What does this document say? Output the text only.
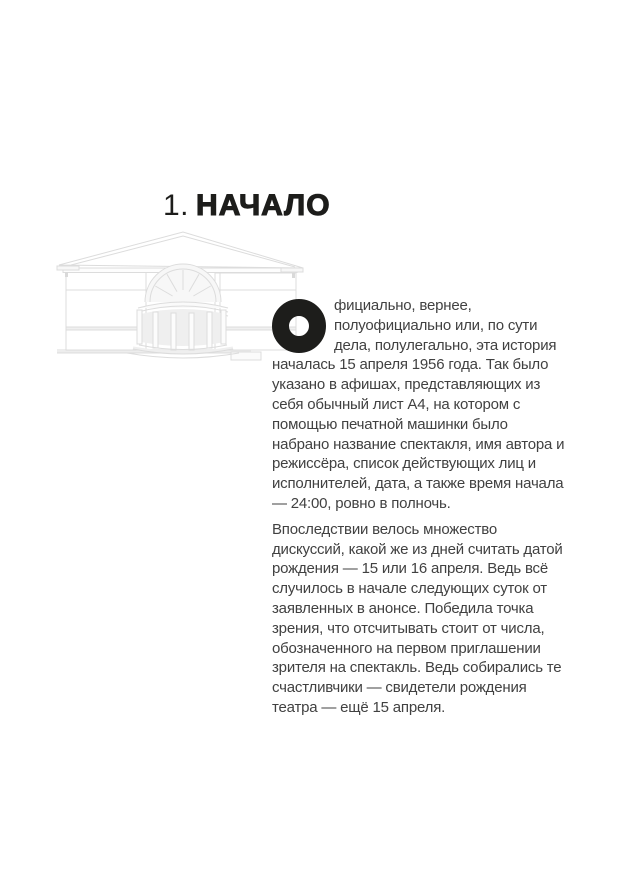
1. НАЧАЛО

фициально, вернее, полуофициально или, по сути дела, полулегально, эта история началась 15 апреля 1956 года. Так было указано в афишах, представляющих из себя обычный лист А4, на котором с помощью печатной машинки было набрано название спектакля, имя автора и режиссёра, список действующих лиц и исполнителей, дата, а также время начала — 24:00, ровно в полночь.

Впоследствии велось множество дискуссий, какой же из дней считать датой рождения — 15 или 16 апреля. Ведь всё случилось в начале следующих суток от заявленных в анонсе. Победила точка зрения, что отсчитывать стоит от числа, обозначенного на первом приглашении зрителя на спектакль. Ведь собирались те счастливчики — свидетели рождения театра — ещё 15 апреля.
